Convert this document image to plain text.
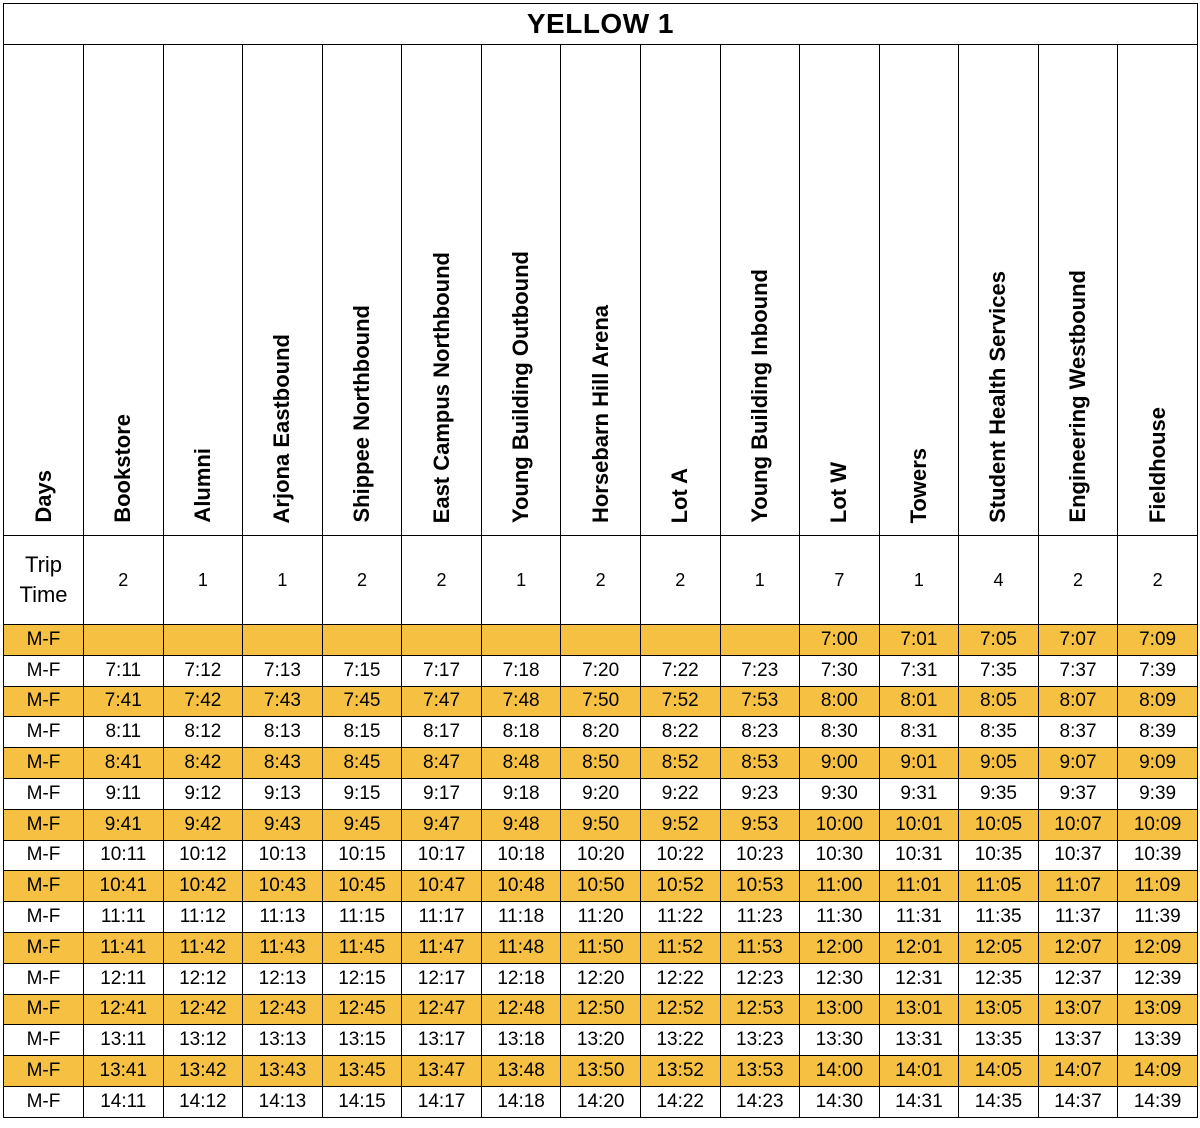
YELLOW 1														
Days	Bookstore	Alumni	Arjona Eastbound	Shippee Northbound	East Campus Northbound	Young Building Outbound	Horsebarn Hill Arena	Lot A	Young Building Inbound	Lot W	Towers	Student Health Services	Engineering Westbound	Fieldhouse

Trip
Time	2	1	1	2	2	1	2	2	1	7	1	4	2	2
M-F										7:00	7:01	7:05	7:07	7:09
M-F	7:11	7:12	7:13	7:15	7:17	7:18	7:20	7:22	7:23	7:30	7:31	7:35	7:37	7:39
M-F	7:41	7:42	7:43	7:45	7:47	7:48	7:50	7:52	7:53	8:00	8:01	8:05	8:07	8:09
M-F	8:11	8:12	8:13	8:15	8:17	8:18	8:20	8:22	8:23	8:30	8:31	8:35	8:37	8:39
M-F	8:41	8:42	8:43	8:45	8:47	8:48	8:50	8:52	8:53	9:00	9:01	9:05	9:07	9:09
M-F	9:11	9:12	9:13	9:15	9:17	9:18	9:20	9:22	9:23	9:30	9:31	9:35	9:37	9:39
M-F	9:41	9:42	9:43	9:45	9:47	9:48	9:50	9:52	9:53	10:00	10:01	10:05	10:07	10:09
M-F	10:11	10:12	10:13	10:15	10:17	10:18	10:20	10:22	10:23	10:30	10:31	10:35	10:37	10:39
M-F	10:41	10:42	10:43	10:45	10:47	10:48	10:50	10:52	10:53	11:00	11:01	11:05	11:07	11:09
M-F	11:11	11:12	11:13	11:15	11:17	11:18	11:20	11:22	11:23	11:30	11:31	11:35	11:37	11:39
M-F	11:41	11:42	11:43	11:45	11:47	11:48	11:50	11:52	11:53	12:00	12:01	12:05	12:07	12:09
M-F	12:11	12:12	12:13	12:15	12:17	12:18	12:20	12:22	12:23	12:30	12:31	12:35	12:37	12:39
M-F	12:41	12:42	12:43	12:45	12:47	12:48	12:50	12:52	12:53	13:00	13:01	13:05	13:07	13:09
M-F	13:11	13:12	13:13	13:15	13:17	13:18	13:20	13:22	13:23	13:30	13:31	13:35	13:37	13:39
M-F	13:41	13:42	13:43	13:45	13:47	13:48	13:50	13:52	13:53	14:00	14:01	14:05	14:07	14:09
M-F	14:11	14:12	14:13	14:15	14:17	14:18	14:20	14:22	14:23	14:30	14:31	14:35	14:37	14:39
